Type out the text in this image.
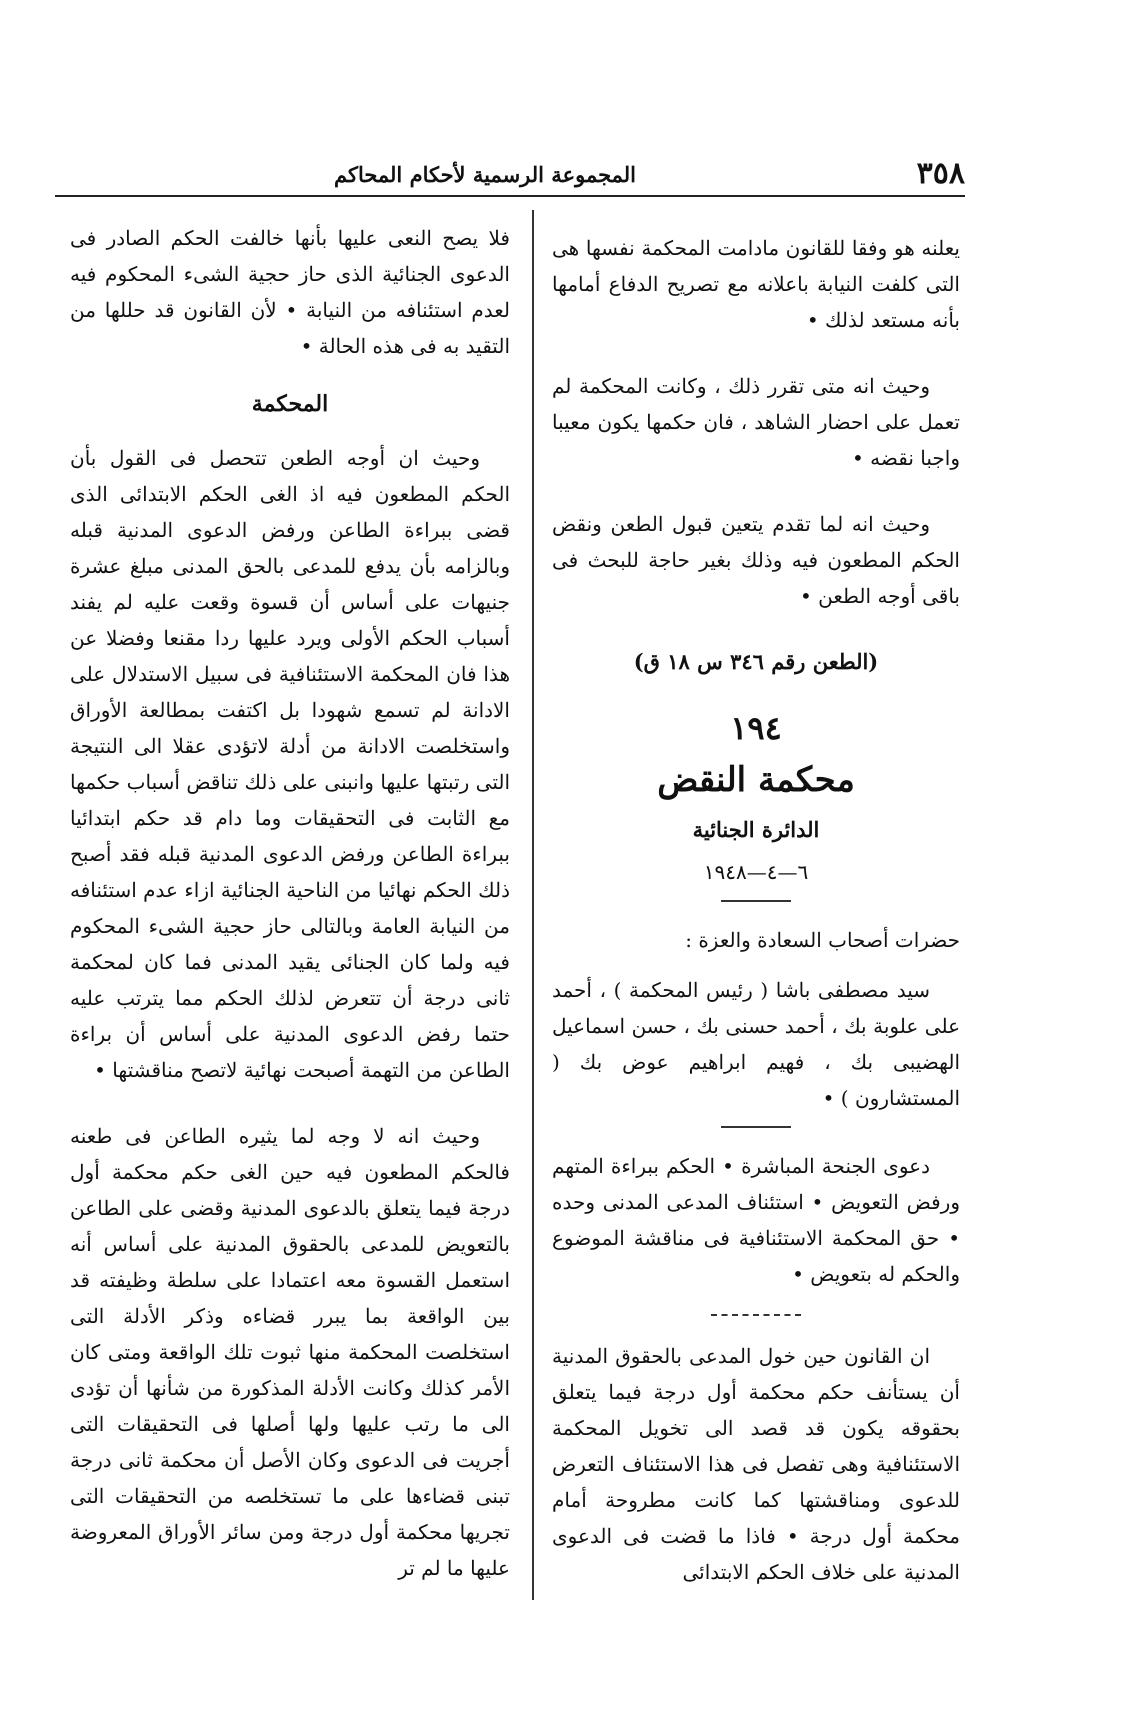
٣٥٨
المجموعة الرسمية لأحكام المحاكم

يعلنه هو وفقا للقانون مادامت المحكمة نفسها هى التى كلفت النيابة باعلانه مع تصريح الدفاع أمامها بأنه مستعد لذلك •

وحيث انه متى تقرر ذلك ، وكانت المحكمة لم تعمل على احضار الشاهد ، فان حكمها يكون معيبا واجبا نقضه •

وحيث انه لما تقدم يتعين قبول الطعن ونقض الحكم المطعون فيه وذلك بغير حاجة للبحث فى باقى أوجه الطعن •

(الطعن رقم ٣٤٦ س ١٨ ق)

١٩٤
محكمة النقض
الدائرة الجنائية
٦—٤—١٩٤٨

حضرات أصحاب السعادة والعزة :

سيد مصطفى باشا ( رئيس المحكمة ) ، أحمد على علوبة بك ، أحمد حسنى بك ، حسن اسماعيل الهضيبى بك ، فهيم ابراهيم عوض بك ( المستشارون ) •

دعوى الجنحة المباشرة • الحكم ببراءة المتهم ورفض التعويض • استئناف المدعى المدنى وحده • حق المحكمة الاستئنافية فى مناقشة الموضوع والحكم له بتعويض •

ان القانون حين خول المدعى بالحقوق المدنية أن يستأنف حكم محكمة أول درجة فيما يتعلق بحقوقه يكون قد قصد الى تخويل المحكمة الاستئنافية وهى تفصل فى هذا الاستئناف التعرض للدعوى ومناقشتها كما كانت مطروحة أمام محكمة أول درجة • فاذا ما قضت فى الدعوى المدنية على خلاف الحكم الابتدائى

فلا يصح النعى عليها بأنها خالفت الحكم الصادر فى الدعوى الجنائية الذى حاز حجية الشىء المحكوم فيه لعدم استئنافه من النيابة • لأن القانون قد حللها من التقيد به فى هذه الحالة •

المحكمة

وحيث ان أوجه الطعن تتحصل فى القول بأن الحكم المطعون فيه اذ الغى الحكم الابتدائى الذى قضى ببراءة الطاعن ورفض الدعوى المدنية قبله وبالزامه بأن يدفع للمدعى بالحق المدنى مبلغ عشرة جنيهات على أساس أن قسوة وقعت عليه لم يفند أسباب الحكم الأولى ويرد عليها ردا مقنعا وفضلا عن هذا فان المحكمة الاستئنافية فى سبيل الاستدلال على الادانة لم تسمع شهودا بل اكتفت بمطالعة الأوراق واستخلصت الادانة من أدلة لاتؤدى عقلا الى النتيجة التى رتبتها عليها وانبنى على ذلك تناقض أسباب حكمها مع الثابت فى التحقيقات وما دام قد حكم ابتدائيا ببراءة الطاعن ورفض الدعوى المدنية قبله فقد أصبح ذلك الحكم نهائيا من الناحية الجنائية ازاء عدم استئنافه من النيابة العامة وبالتالى حاز حجية الشىء المحكوم فيه ولما كان الجنائى يقيد المدنى فما كان لمحكمة ثانى درجة أن تتعرض لذلك الحكم مما يترتب عليه حتما رفض الدعوى المدنية على أساس أن براءة الطاعن من التهمة أصبحت نهائية لاتصح مناقشتها •

وحيث انه لا وجه لما يثيره الطاعن فى طعنه فالحكم المطعون فيه حين الغى حكم محكمة أول درجة فيما يتعلق بالدعوى المدنية وقضى على الطاعن بالتعويض للمدعى بالحقوق المدنية على أساس أنه استعمل القسوة معه اعتمادا على سلطة وظيفته قد بين الواقعة بما يبرر قضاءه وذكر الأدلة التى استخلصت المحكمة منها ثبوت تلك الواقعة ومتى كان الأمر كذلك وكانت الأدلة المذكورة من شأنها أن تؤدى الى ما رتب عليها ولها أصلها فى التحقيقات التى أجريت فى الدعوى وكان الأصل أن محكمة ثانى درجة تبنى قضاءها على ما تستخلصه من التحقيقات التى تجريها محكمة أول درجة ومن سائر الأوراق المعروضة عليها ما لم تر
